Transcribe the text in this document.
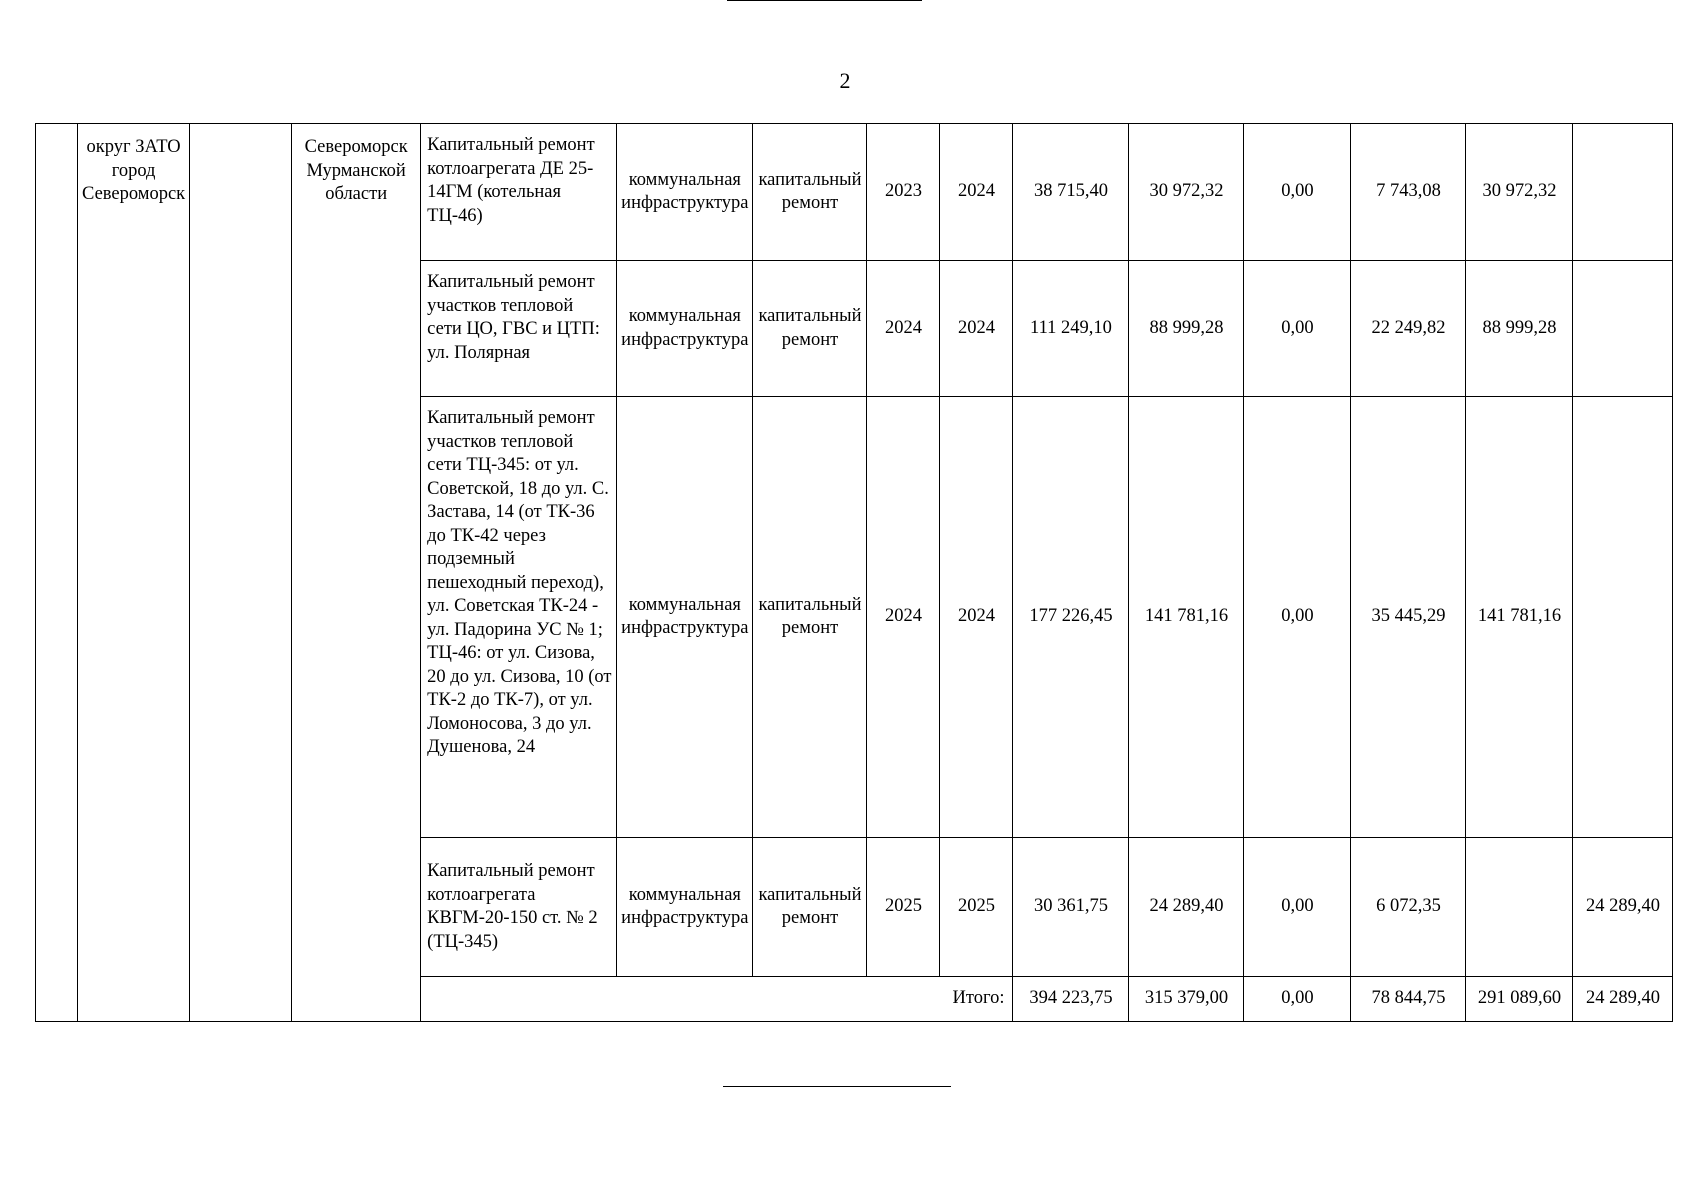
2
	округ ЗАТО город Североморск		Североморск Мурманской области	Капитальный ремонт котлоагрегата ДЕ 25-14ГМ (котельная ТЦ-46)	коммунальная инфраструктура	капитальный ремонт	2023	2024	38 715,40	30 972,32	0,00	7 743,08	30 972,32	
				Капитальный ремонт участков тепловой сети ЦО, ГВС и ЦТП: ул. Полярная	коммунальная инфраструктура	капитальный ремонт	2024	2024	111 249,10	88 999,28	0,00	22 249,82	88 999,28	
				Капитальный ремонт участков тепловой сети ТЦ-345: от ул. Советской, 18 до ул. С. Застава, 14 (от ТК-36 до ТК-42 через подземный пешеходный переход), ул. Советская ТК-24 - ул. Падорина УС № 1; ТЦ-46: от ул. Сизова, 20 до ул. Сизова, 10 (от ТК-2 до ТК-7), от ул. Ломоносова, 3 до ул. Душенова, 24	коммунальная инфраструктура	капитальный ремонт	2024	2024	177 226,45	141 781,16	0,00	35 445,29	141 781,16	
				Капитальный ремонт котлоагрегата КВГМ-20-150 ст. № 2 (ТЦ-345)	коммунальная инфраструктура	капитальный ремонт	2025	2025	30 361,75	24 289,40	0,00	6 072,35		24 289,40
				Итого:					394 223,75	315 379,00	0,00	78 844,75	291 089,60	24 289,40
